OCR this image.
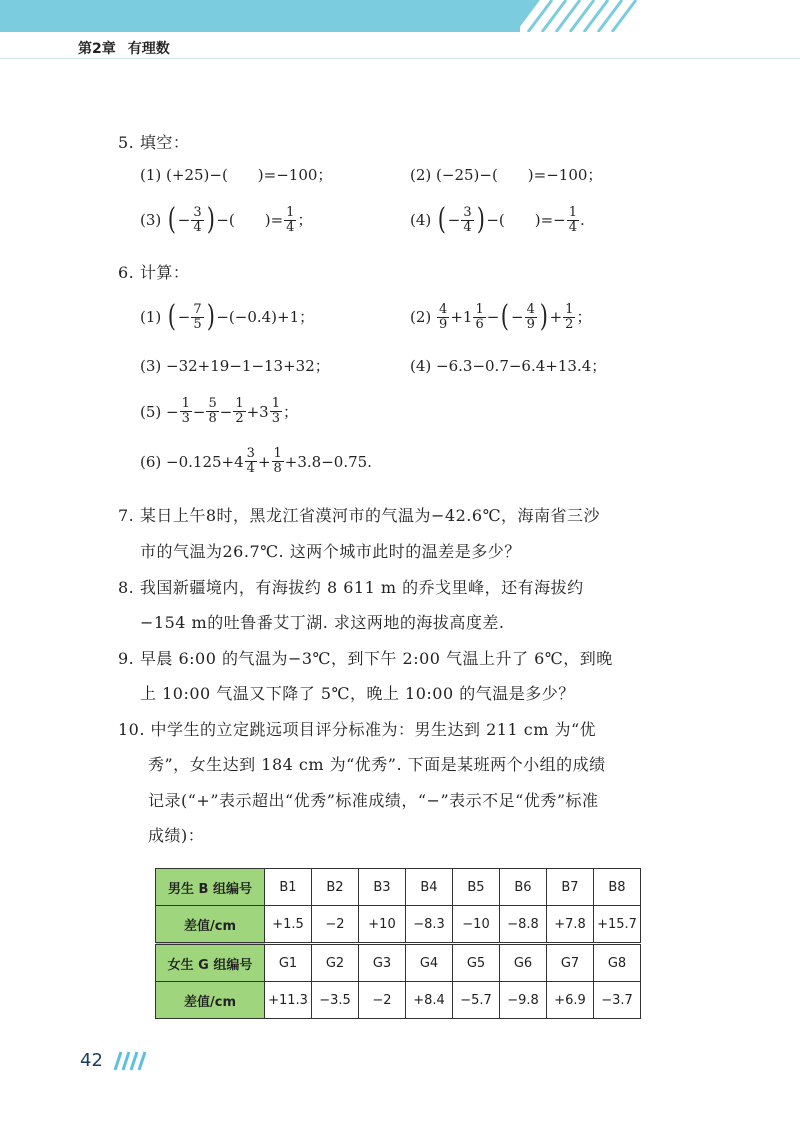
第2章 有理数
5. 填空：
(1) (+25)−(　　)=−100；	(2) (−25)−(　　)=−100；
(3) ( − $\frac{3}{4}$ ) −(　　)= $\frac{1}{4}$ ；	(4) ( − $\frac{3}{4}$ ) −(　　)=− $\frac{1}{4}$ .
6. 计算：
(1) ( − $\frac{7}{5}$ ) −(−0.4)+1；	$(2) \frac{4}{9} +1 \frac{1}{6}$ −( − $\frac{4}{9}$ ) + $\frac{1}{2}$ ；
(3) −32+19−1−13+32；	(4) −6.3−0.7−6.4+13.4；
$(5) - \frac{1}{3} - \frac{5}{8} - \frac{1}{2} +3 \frac{1}{3}$ ；
$(6) -0.125+4 \frac{3}{4} + \frac{1}{8} +3.8-0.75$.
7. 某日上午8时，黑龙江省漠河市的气温为−42.6℃，海南省三沙
市的气温为26.7℃. 这两个城市此时的温差是多少？
8. 我国新疆境内，有海拔约 8 611 m 的乔戈里峰，还有海拔约
−154 m的吐鲁番艾丁湖. 求这两地的海拔高度差.
9. 早晨 6:00 的气温为−3℃，到下午 2:00 气温上升了 6℃，到晚
上 10:00 气温又下降了 5℃，晚上 10:00 的气温是多少？
10. 中学生的立定跳远项目评分标准为：男生达到 211 cm 为“优
秀”，女生达到 184 cm 为“优秀”. 下面是某班两个小组的成绩
记录(“+”表示超出“优秀”标准成绩，“−”表示不足“优秀”标准
成绩)：
男生 B 组编号	B1	B2	B3	B4	B5	B6	B7	B8
差值/cm	+1.5	−2	+10	−8.3	−10	−8.8	+7.8	+15.7
女生 G 组编号	G1	G2	G3	G4	G5	G6	G7	G8
差值/cm	+11.3	−3.5	−2	+8.4	−5.7	−9.8	+6.9	−3.7
42
